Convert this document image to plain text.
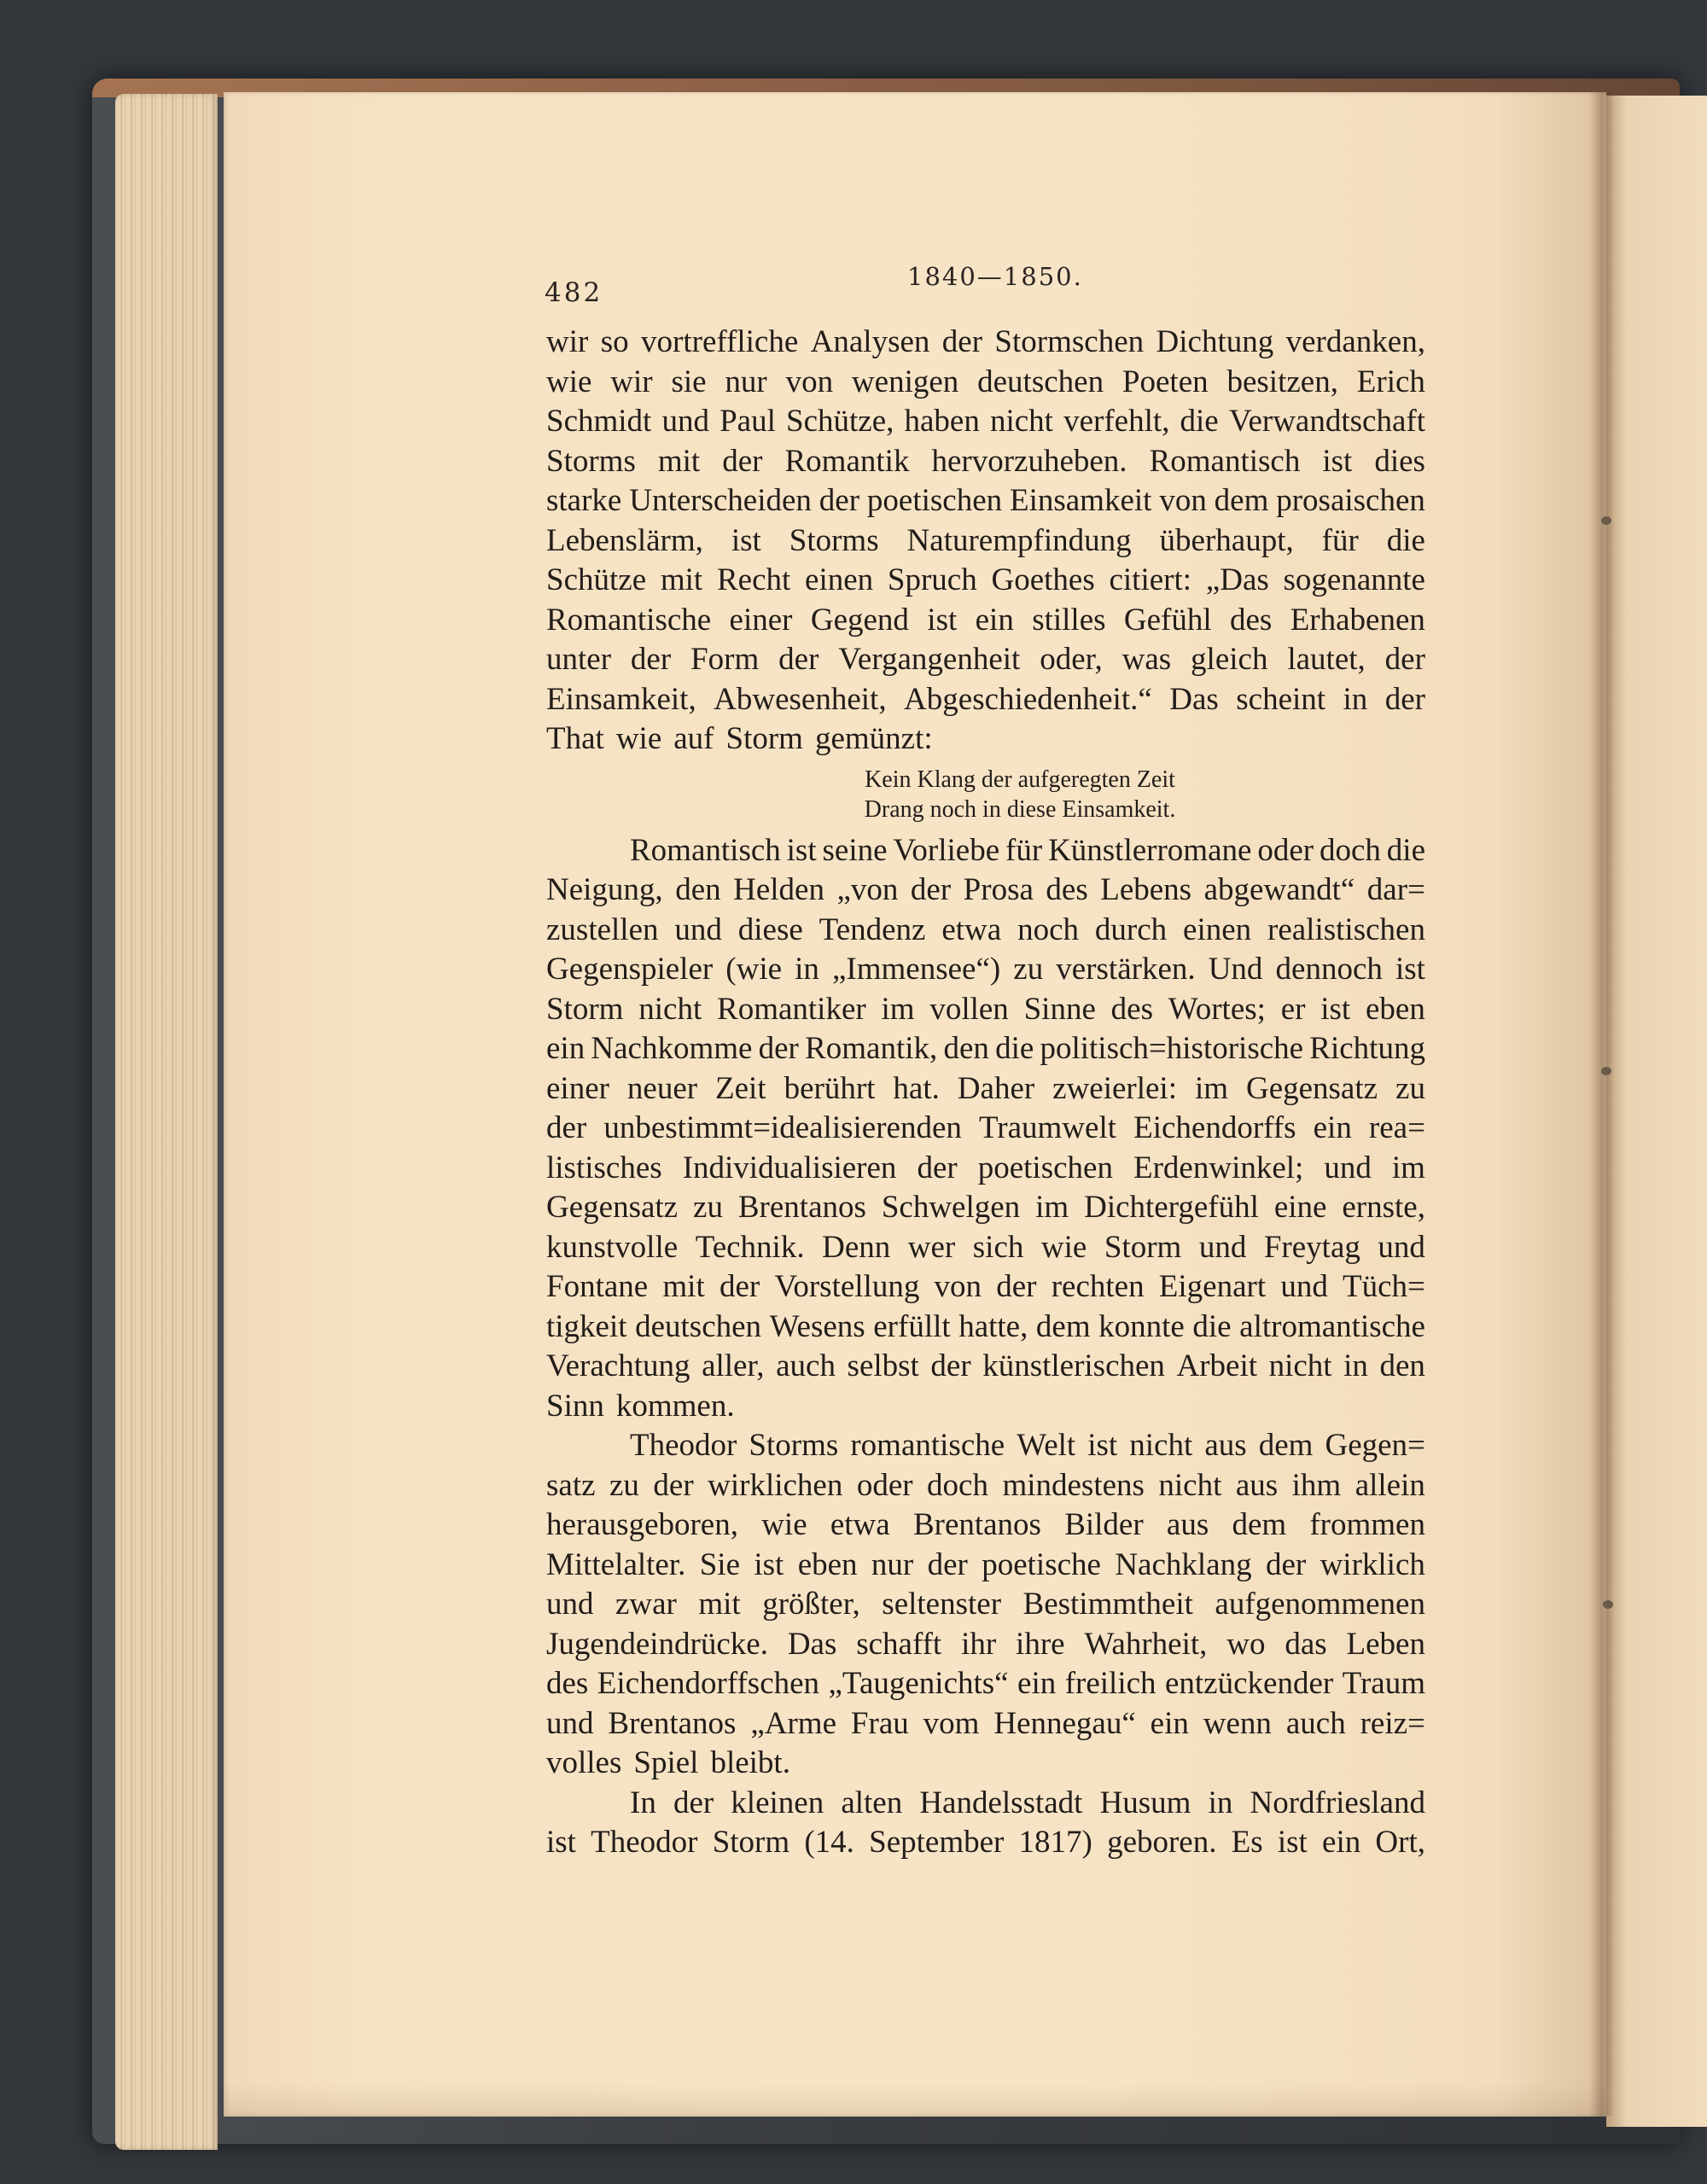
482
1840—1850.
wir so vortreffliche Analysen der Stormschen Dichtung verdanken,
wie wir sie nur von wenigen deutschen Poeten besitzen, Erich
Schmidt und Paul Schütze, haben nicht verfehlt, die Verwandtschaft
Storms mit der Romantik hervorzuheben. Romantisch ist dies
starke Unterscheiden der poetischen Einsamkeit von dem prosaischen
Lebenslärm, ist Storms Naturempfindung überhaupt, für die
Schütze mit Recht einen Spruch Goethes citiert: „Das sogenannte
Romantische einer Gegend ist ein stilles Gefühl des Erhabenen
unter der Form der Vergangenheit oder, was gleich lautet, der
Einsamkeit, Abwesenheit, Abgeschiedenheit.“ Das scheint in der
That wie auf Storm gemünzt:
Kein Klang der aufgeregten Zeit
Drang noch in diese Einsamkeit.
Romantisch ist seine Vorliebe für Künstlerromane oder doch die
Neigung, den Helden „von der Prosa des Lebens abgewandt“ dar=
zustellen und diese Tendenz etwa noch durch einen realistischen
Gegenspieler (wie in „Immensee“) zu verstärken. Und dennoch ist
Storm nicht Romantiker im vollen Sinne des Wortes; er ist eben
ein Nachkomme der Romantik, den die politisch=historische Richtung
einer neuer Zeit berührt hat. Daher zweierlei: im Gegensatz zu
der unbestimmt=idealisierenden Traumwelt Eichendorffs ein rea=
listisches Individualisieren der poetischen Erdenwinkel; und im
Gegensatz zu Brentanos Schwelgen im Dichtergefühl eine ernste,
kunstvolle Technik. Denn wer sich wie Storm und Freytag und
Fontane mit der Vorstellung von der rechten Eigenart und Tüch=
tigkeit deutschen Wesens erfüllt hatte, dem konnte die altromantische
Verachtung aller, auch selbst der künstlerischen Arbeit nicht in den
Sinn kommen.
Theodor Storms romantische Welt ist nicht aus dem Gegen=
satz zu der wirklichen oder doch mindestens nicht aus ihm allein
herausgeboren, wie etwa Brentanos Bilder aus dem frommen
Mittelalter. Sie ist eben nur der poetische Nachklang der wirklich
und zwar mit größter, seltenster Bestimmtheit aufgenommenen
Jugendeindrücke. Das schafft ihr ihre Wahrheit, wo das Leben
des Eichendorffschen „Taugenichts“ ein freilich entzückender Traum
und Brentanos „Arme Frau vom Hennegau“ ein wenn auch reiz=
volles Spiel bleibt.
In der kleinen alten Handelsstadt Husum in Nordfriesland
ist Theodor Storm (14. September 1817) geboren. Es ist ein Ort,
